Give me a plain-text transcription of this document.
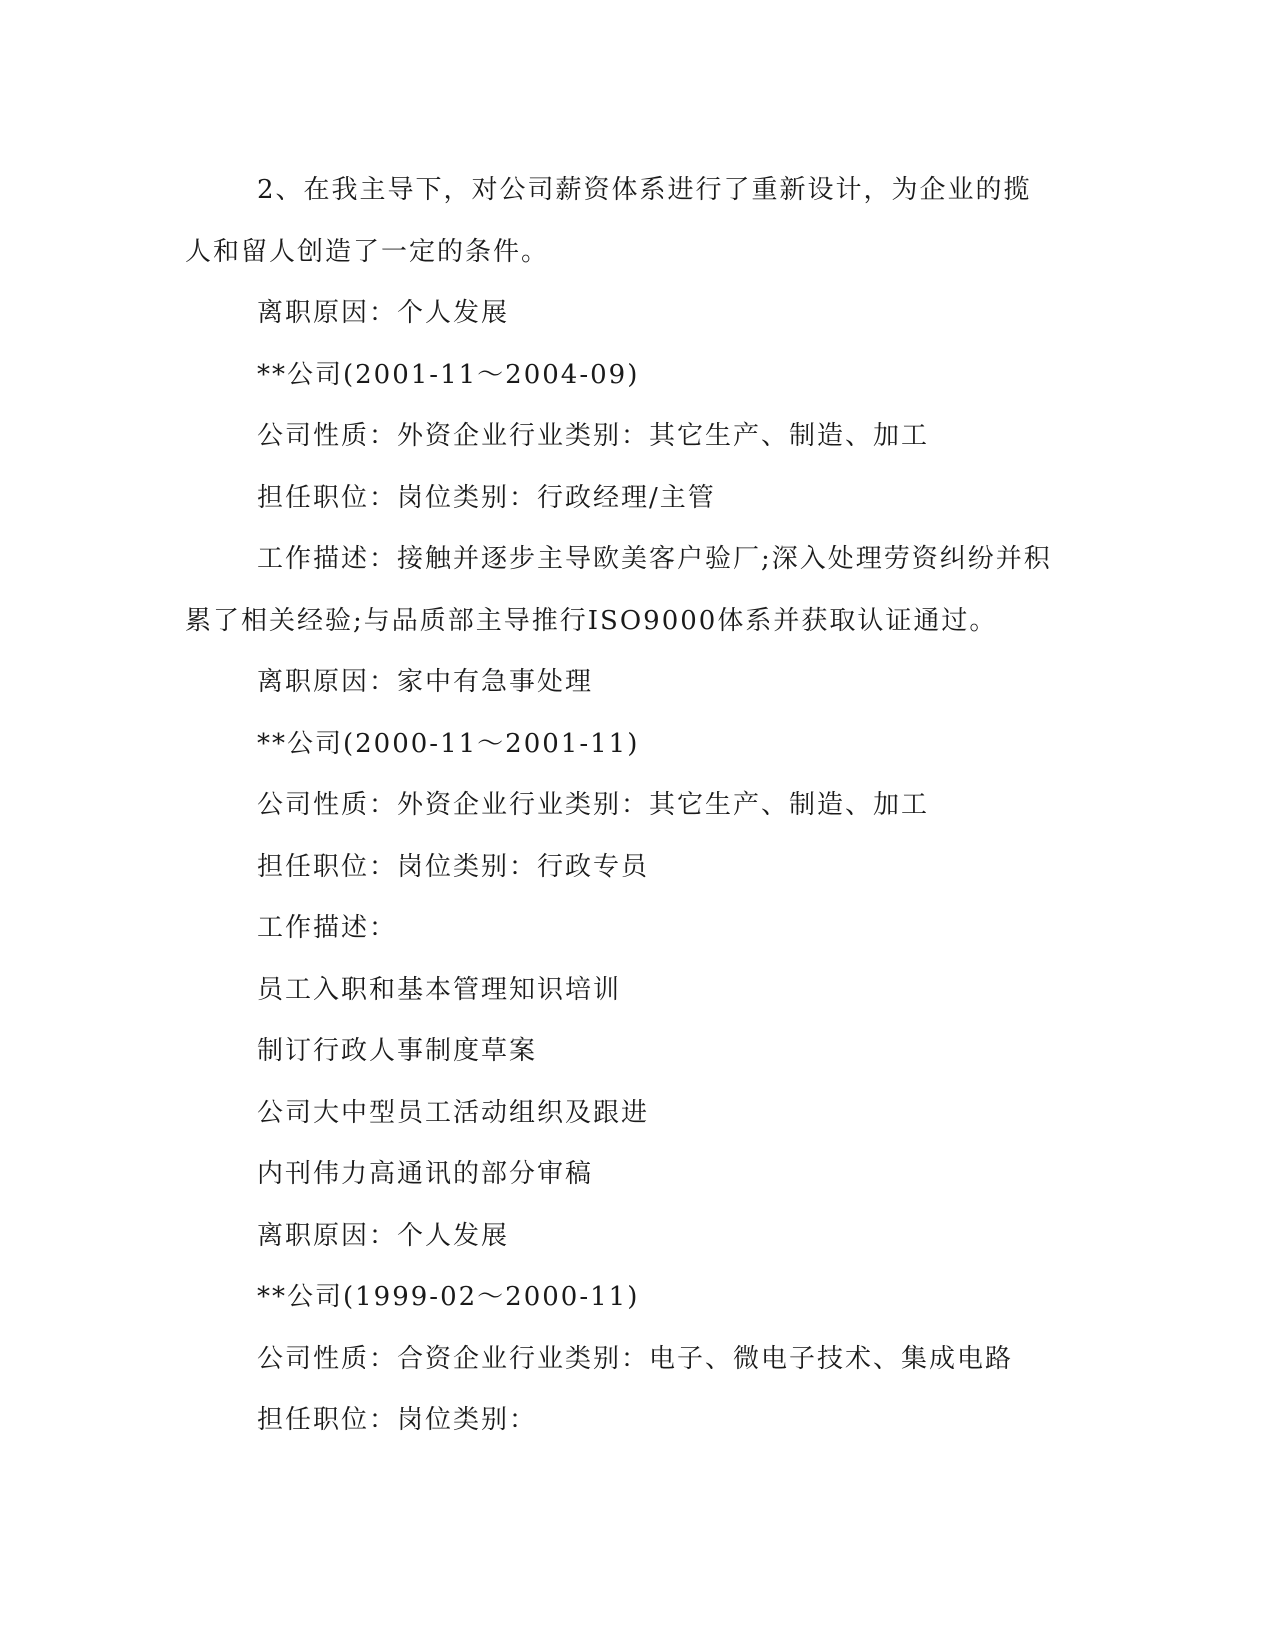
2、在我主导下，对公司薪资体系进行了重新设计，为企业的揽

人和留人创造了一定的条件。

离职原因：个人发展

**公司(2001-11～2004-09)

公司性质：外资企业行业类别：其它生产、制造、加工

担任职位：岗位类别：行政经理/主管

工作描述：接触并逐步主导欧美客户验厂;深入处理劳资纠纷并积

累了相关经验;与品质部主导推行ISO9000体系并获取认证通过。

离职原因：家中有急事处理

**公司(2000-11～2001-11)

公司性质：外资企业行业类别：其它生产、制造、加工

担任职位：岗位类别：行政专员

工作描述：

员工入职和基本管理知识培训

制订行政人事制度草案

公司大中型员工活动组织及跟进

内刊伟力高通讯的部分审稿

离职原因：个人发展

**公司(1999-02～2000-11)

公司性质：合资企业行业类别：电子、微电子技术、集成电路

担任职位：岗位类别：
